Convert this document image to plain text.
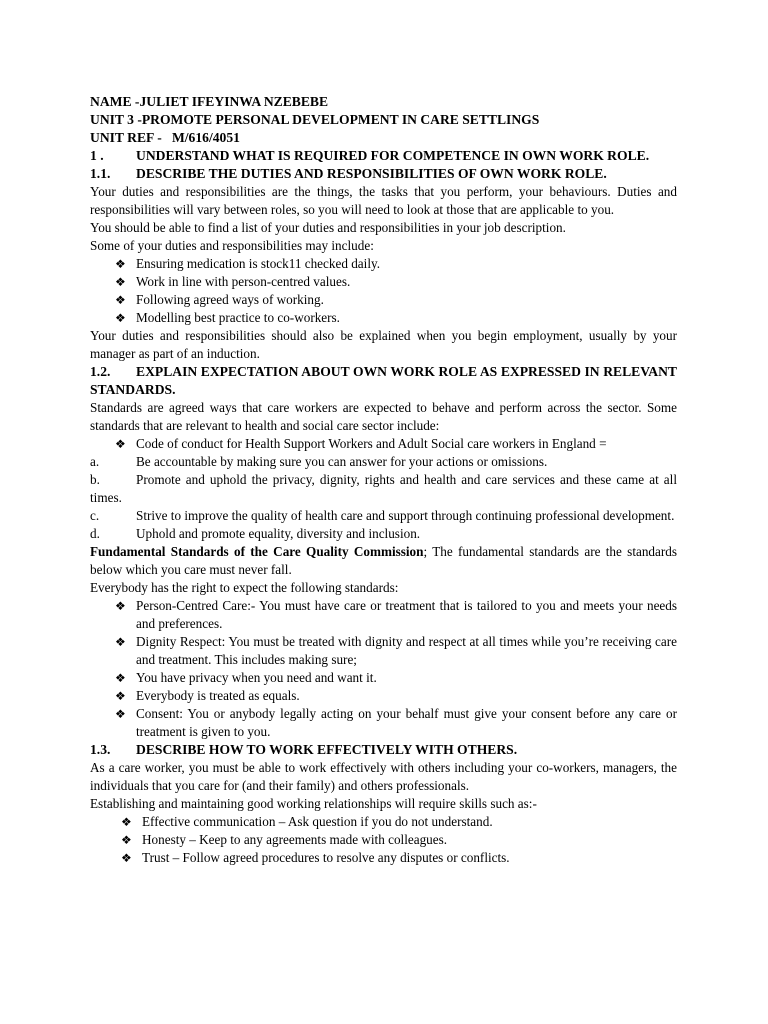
NAME -JULIET IFEYINWA NZEBEBE
UNIT 3 -PROMOTE PERSONAL DEVELOPMENT IN CARE SETTLINGS
UNIT REF -   M/616/4051
1 . UNDERSTAND WHAT IS REQUIRED FOR COMPETENCE IN OWN WORK ROLE.
1.1. DESCRIBE THE DUTIES AND RESPONSIBILITIES OF OWN WORK ROLE.
Your duties and responsibilities are the things, the tasks that you perform, your behaviours. Duties and responsibilities will vary between roles, so you will need to look at those that are applicable to you.
You should be able to find a list of your duties and responsibilities in your job description.
Some of your duties and responsibilities may include:
❖ Ensuring medication is stock11 checked daily.
❖ Work in line with person-centred values.
❖ Following agreed ways of working.
❖ Modelling best practice to co-workers.
Your duties and responsibilities should also be explained when you begin employment, usually by your manager as part of an induction.
1.2. EXPLAIN EXPECTATION ABOUT OWN WORK ROLE AS EXPRESSED IN RELEVANT STANDARDS.
Standards are agreed ways that care workers are expected to behave and perform across the sector. Some standards that are relevant to health and social care sector include:
❖ Code of conduct for Health Support Workers and Adult Social care workers in England =
a.	Be accountable by making sure you can answer for your actions or omissions.
b.	Promote and uphold the privacy, dignity, rights and health and care services and these came at all times.
c.	Strive to improve the quality of health care and support through continuing professional development.
d.	Uphold and promote equality, diversity and inclusion.
Fundamental Standards of the Care Quality Commission; The fundamental standards are the standards below which you care must never fall.
Everybody has the right to expect the following standards:
❖ Person-Centred Care:- You must have care or treatment that is tailored to you and meets your needs and preferences.
❖ Dignity Respect: You must be treated with dignity and respect at all times while you’re receiving care and treatment. This includes making sure;
❖ You have privacy when you need and want it.
❖ Everybody is treated as equals.
❖ Consent: You or anybody legally acting on your behalf must give your consent before any care or treatment is given to you.
1.3. DESCRIBE HOW TO WORK EFFECTIVELY WITH OTHERS.
As a care worker, you must be able to work effectively with others including your co-workers, managers, the individuals that you care for (and their family) and others professionals.
Establishing and maintaining good working relationships will require skills such as:-
❖ Effective communication – Ask question if you do not understand.
❖ Honesty – Keep to any agreements made with colleagues.
❖ Trust – Follow agreed procedures to resolve any disputes or conflicts.
